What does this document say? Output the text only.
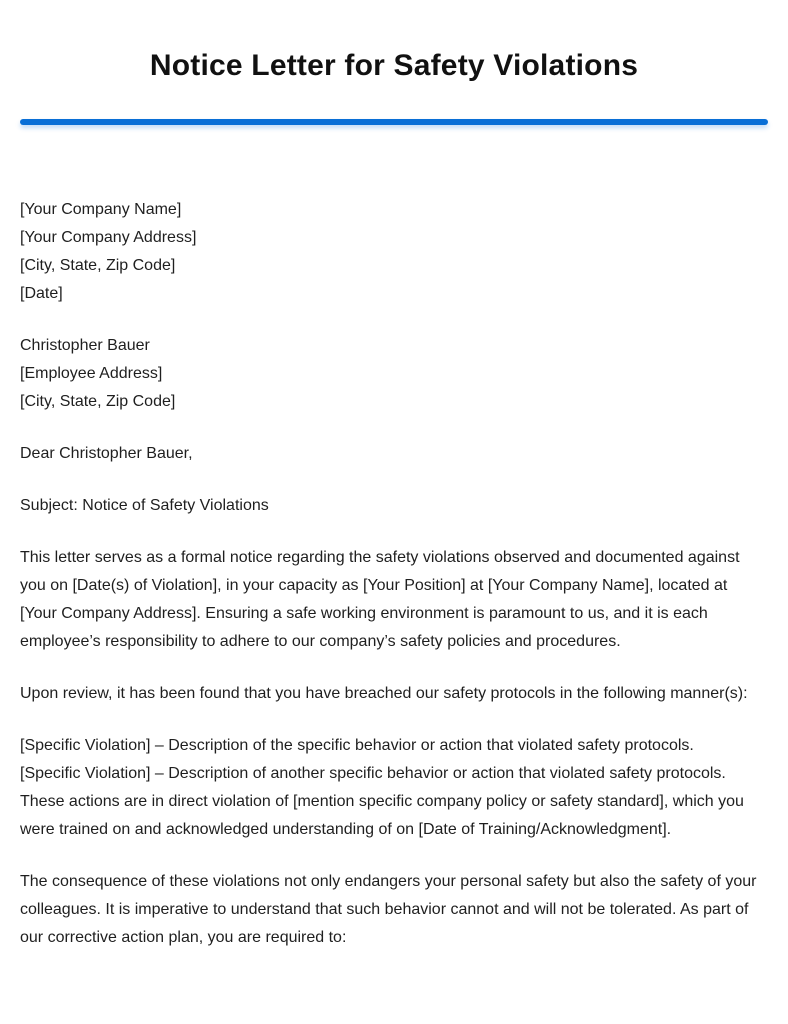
Notice Letter for Safety Violations
[Your Company Name]
[Your Company Address]
[City, State, Zip Code]
[Date]
Christopher Bauer
[Employee Address]
[City, State, Zip Code]

Dear Christopher Bauer,

Subject: Notice of Safety Violations

This letter serves as a formal notice regarding the safety violations observed and documented against you on [Date(s) of Violation], in your capacity as [Your Position] at [Your Company Name], located at [Your Company Address]. Ensuring a safe working environment is paramount to us, and it is each employee’s responsibility to adhere to our company’s safety policies and procedures.

Upon review, it has been found that you have breached our safety protocols in the following manner(s):

[Specific Violation] – Description of the specific behavior or action that violated safety protocols.

[Specific Violation] – Description of another specific behavior or action that violated safety protocols.

These actions are in direct violation of [mention specific company policy or safety standard], which you were trained on and acknowledged understanding of on [Date of Training/Acknowledgment].

The consequence of these violations not only endangers your personal safety but also the safety of your colleagues. It is imperative to understand that such behavior cannot and will not be tolerated. As part of our corrective action plan, you are required to:
